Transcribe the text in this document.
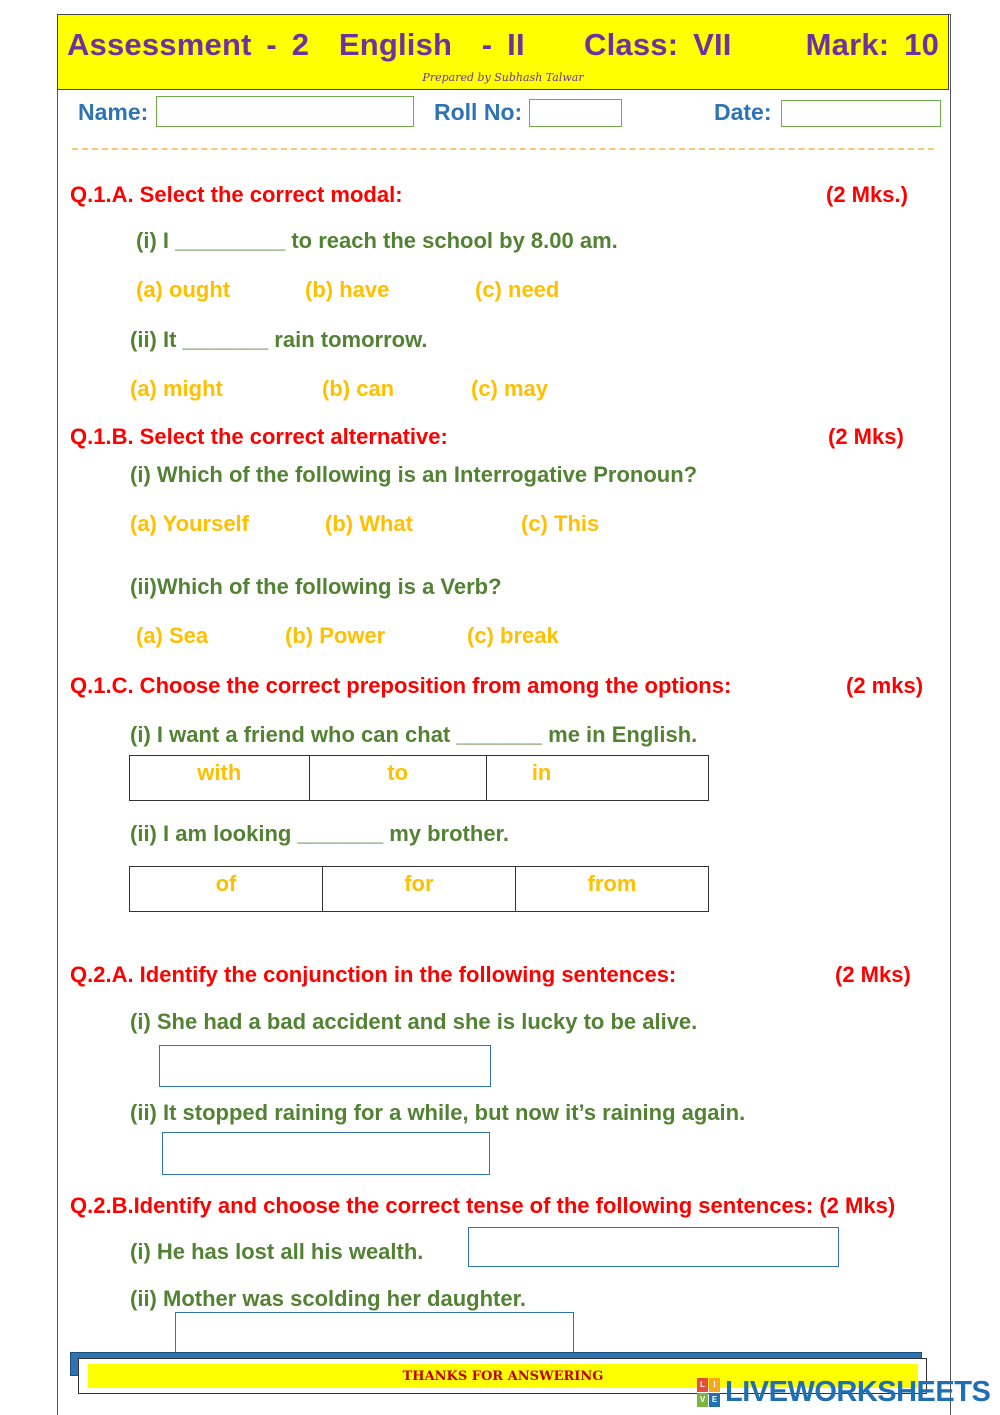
Assessment - 2  English  - II    Class: VII     Mark: 10
Prepared by Subhash Talwar
Name:	Roll No:	Date:
Q.1.A. Select the correct modal:	(2 Mks.)
(i) I _________ to reach the school by 8.00 am.
(a) ought	(b) have	(c) need
(ii) It _______ rain tomorrow.
(a) might	(b) can	(c) may
Q.1.B. Select the correct alternative:	(2 Mks)
(i) Which of the following is an Interrogative Pronoun?
(a) Yourself	(b) What	(c) This
(ii)Which of the following is a Verb?
(a) Sea	(b) Power	(c) break
Q.1.C. Choose the correct preposition from among the options:	(2 mks)
(i) I want a friend who can chat _______ me in English.
with	to	in
(ii) I am looking _______ my brother.
of	for	from
Q.2.A. Identify the conjunction in the following sentences:	(2 Mks)
(i) She had a bad accident and she is lucky to be alive.
(ii) It stopped raining for a while, but now it’s raining again.
Q.2.B.Identify and choose the correct tense of the following sentences: (2 Mks)
(i) He has lost all his wealth.
(ii) Mother was scolding her daughter.
THANKS FOR ANSWERING	L	I
V E LIVEWORKSHEETS
